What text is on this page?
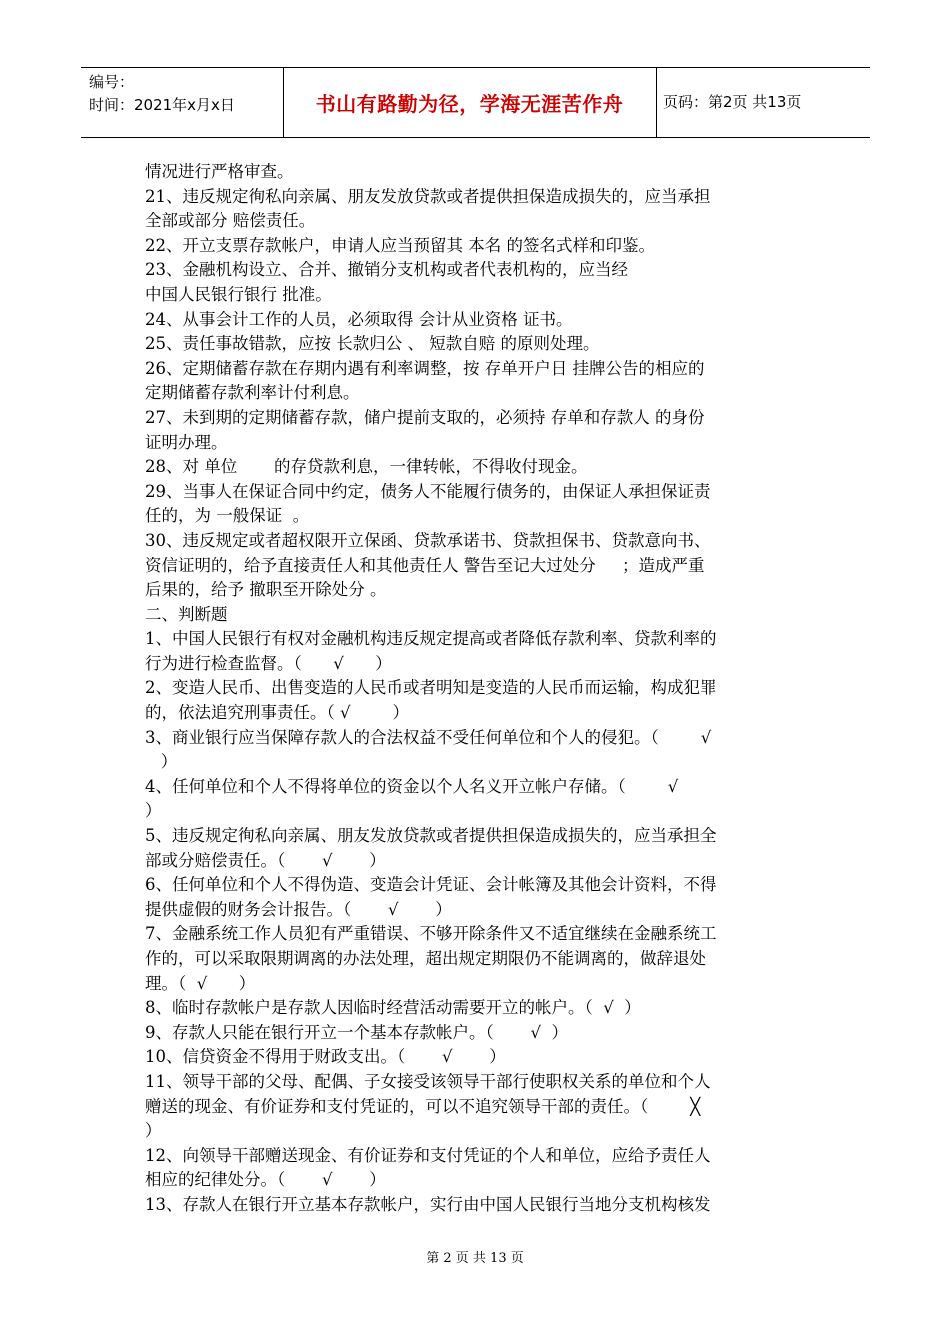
编号：
时间：2021年x月x日	书山有路勤为径，学海无涯苦作舟	页码：第2页 共13页

情况进行严格审查。

21、违反规定徇私向亲属、朋友发放贷款或者提供担保造成损失的，应当承担

全部或部分 赔偿责任。

22、开立支票存款帐户，申请人应当预留其 本名 的签名式样和印鉴。

23、金融机构设立、合并、撤销分支机构或者代表机构的，应当经

中国人民银行银行 批准。

24、从事会计工作的人员，必须取得 会计从业资格 证书。

25、责任事故错款，应按 长款归公 、 短款自赔 的原则处理。

26、定期储蓄存款在存期内遇有利率调整，按 存单开户日 挂牌公告的相应的

定期储蓄存款利率计付利息。

27、未到期的定期储蓄存款，储户提前支取的，必须持 存单和存款人 的身份

证明办理。

28、对 单位       的存贷款利息，一律转帐，不得收付现金。

29、当事人在保证合同中约定，债务人不能履行债务的，由保证人承担保证责

任的，为 一般保证  。

30、违反规定或者超权限开立保函、贷款承诺书、贷款担保书、贷款意向书、

资信证明的，给予直接责任人和其他责任人 警告至记大过处分     ；造成严重

后果的，给予 撤职至开除处分 。

二、判断题

1、中国人民银行有权对金融机构违反规定提高或者降低存款利率、贷款利率的

行为进行检查监督。（      √      ）

2、变造人民币、出售变造的人民币或者明知是变造的人民币而运输，构成犯罪

的，依法追究刑事责任。（ √        ）

3、商业银行应当保障存款人的合法权益不受任何单位和个人的侵犯。（        √

）

4、任何单位和个人不得将单位的资金以个人名义开立帐户存储。（        √

）

5、违反规定徇私向亲属、朋友发放贷款或者提供担保造成损失的，应当承担全

部或分赔偿责任。（       √       ）

6、任何单位和个人不得伪造、变造会计凭证、会计帐簿及其他会计资料，不得

提供虚假的财务会计报告。（       √       ）

7、金融系统工作人员犯有严重错误、不够开除条件又不适宜继续在金融系统工

作的，可以采取限期调离的办法处理，超出规定期限仍不能调离的，做辞退处

理。（  √      ）

8、临时存款帐户是存款人因临时经营活动需要开立的帐户。（  √  ）

9、存款人只能在银行开立一个基本存款帐户。（       √  ）

10、信贷资金不得用于财政支出。（       √       ）

11、领导干部的父母、配偶、子女接受该领导干部行使职权关系的单位和个人

赠送的现金、有价证券和支付凭证的，可以不追究领导干部的责任。（        ╳

）

12、向领导干部赠送现金、有价证券和支付凭证的个人和单位，应给予责任人

相应的纪律处分。（       √       ）

13、存款人在银行开立基本存款帐户，实行由中国人民银行当地分支机构核发

第 2 页 共 13 页
